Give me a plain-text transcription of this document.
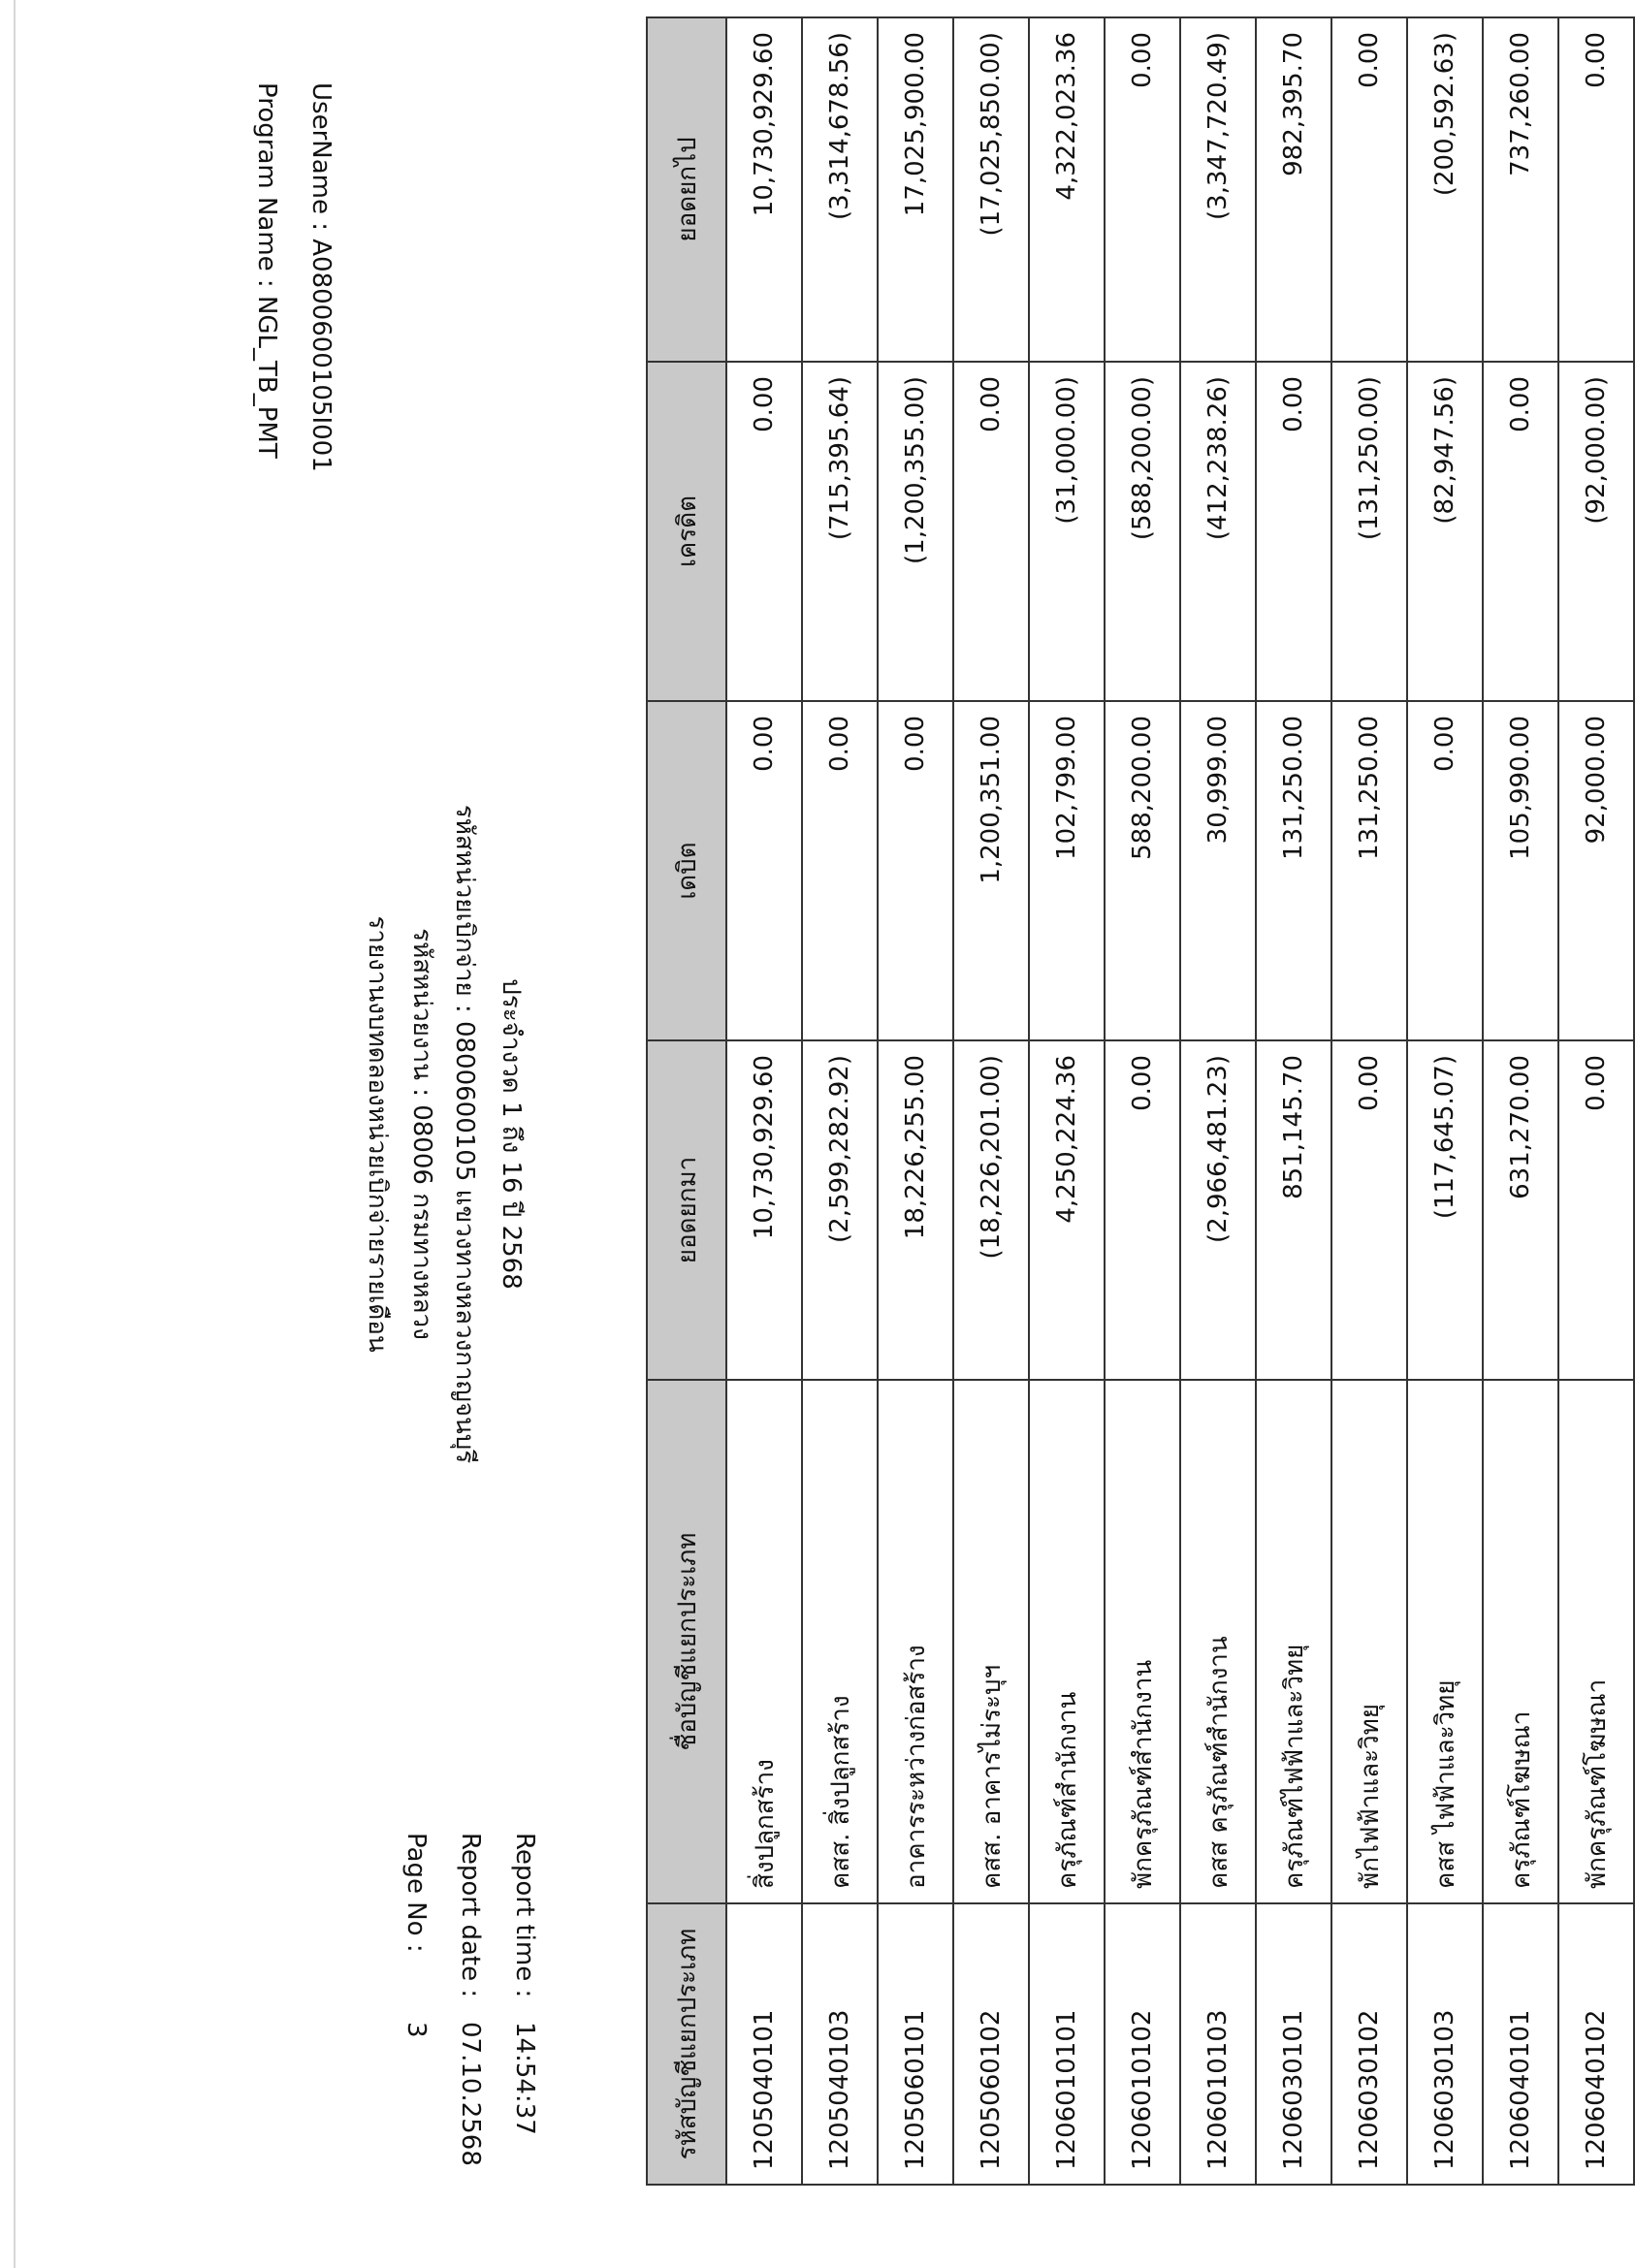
Program Name : NGL_TB_PMT UserName : A0800600105I001
รายงานงบทดลองหน่วยเบิกจ่ายรายเดือน รหัสหน่วยงาน : 08006 กรมทางหลวง รหัสหน่วยเบิกจ่าย : 0800600105 แขวงทางหลวงกาญจนบุรี ประจำงวด 1 ถึง 16 ปี 2568
Page No :
3
Report date :
07.10.2568
Report time :
14:54:37	รหัสบัญชีแยกประเภท	ชื่อบัญชีแยกประเภท	ยอดยกมา	เดบิต	เครดิต	ยอดยกไป
1205040101	สิ่งปลูกสร้าง	10,730,929.60	0.00	0.00	10,730,929.60
1205040103	คสส. สิ่งปลูกสร้าง	(2,599,282.92)	0.00	(715,395.64)	(3,314,678.56)
1205060101	อาคารระหว่างก่อสร้าง	18,226,255.00	0.00	(1,200,355.00)	17,025,900.00
1205060102	คสส. อาคารไม่ระบุฯ	(18,226,201.00)	1,200,351.00	0.00	(17,025,850.00)
1206010101	ครุภัณฑ์สำนักงาน	4,250,224.36	102,799.00	(31,000.00)	4,322,023.36
1206010102	พักครุภัณฑ์สำนักงาน	0.00	588,200.00	(588,200.00)	0.00
1206010103	คสส ครุภัณฑ์สำนักงาน	(2,966,481.23)	30,999.00	(412,238.26)	(3,347,720.49)
1206030101	ครุภัณฑ์ไฟฟ้าและวิทยุ	851,145.70	131,250.00	0.00	982,395.70
1206030102	พักไฟฟ้าและวิทยุ	0.00	131,250.00	(131,250.00)	0.00
1206030103	คสส ไฟฟ้าและวิทยุ	(117,645.07)	0.00	(82,947.56)	(200,592.63)
1206040101	ครุภัณฑ์โฆษณา	631,270.00	105,990.00	0.00	737,260.00
1206040102	พักครุภัณฑ์โฆษณา	0.00	92,000.00	(92,000.00)	0.00
